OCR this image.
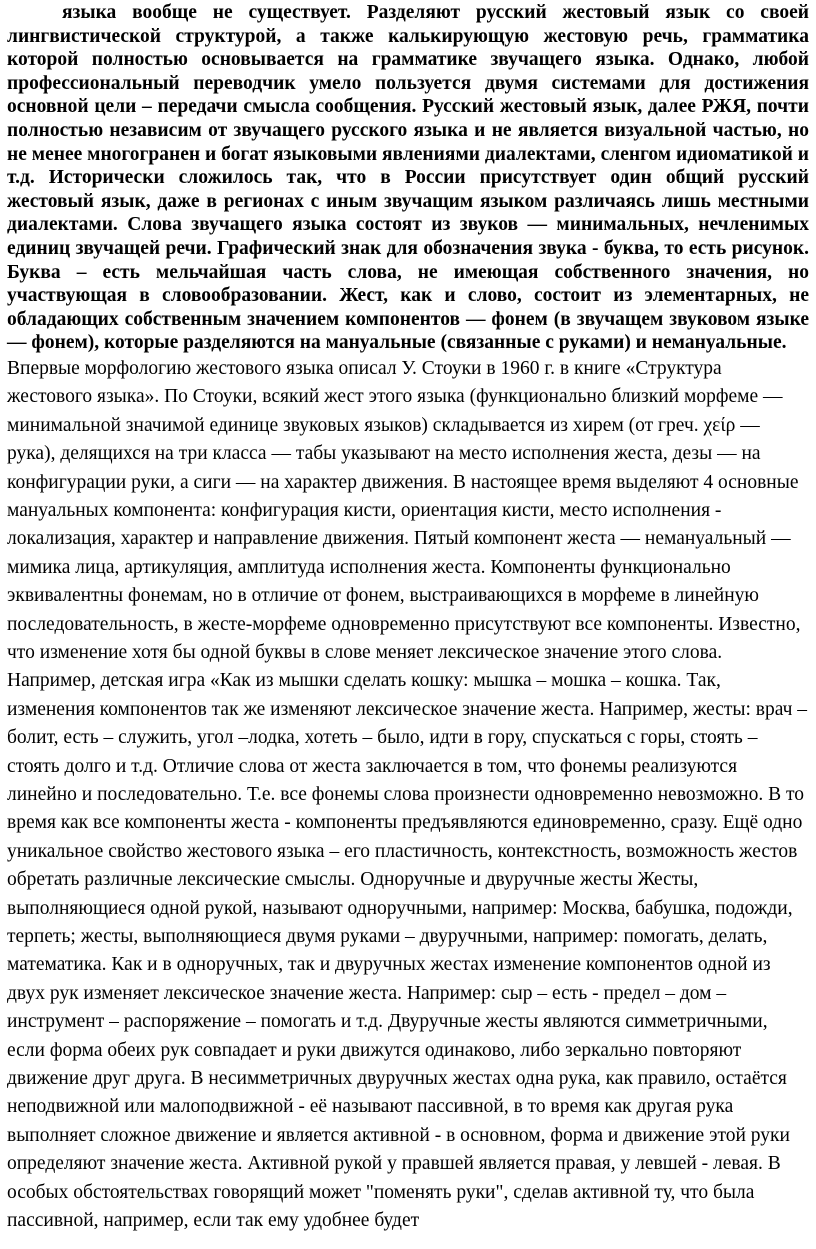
языка вообще не существует. Разделяют русский жестовый язык со своей лингвистической структурой, а также калькирующую жестовую речь, грамматика которой полностью основывается на грамматике звучащего языка. Однако, любой профессиональный переводчик умело пользуется двумя системами для достижения основной цели – передачи смысла сообщения. Русский жестовый язык, далее РЖЯ, почти полностью независим от звучащего русского языка и не является визуальной частью, но не менее многогранен и богат языковыми явлениями диалектами, сленгом идиоматикой и т.д. Исторически сложилось так, что в России присутствует один общий русский жестовый язык, даже в регионах с иным звучащим языком различаясь лишь местными диалектами. Слова звучащего языка состоят из звуков — минимальных, нечленимых единиц звучащей речи. Графический знак для обозначения звука - буква, то есть рисунок. Буква – есть мельчайшая часть слова, не имеющая собственного значения, но участвующая в словообразовании. Жест, как и слово, состоит из элементарных, не обладающих собственным значением компонентов — фонем (в звучащем звуковом языке — фонем), которые разделяются на мануальные (связанные с руками) и немануальные.

Впервые морфологию жестового языка описал У. Стоуки в 1960 г. в книге «Структура жестового языка». По Стоуки, всякий жест этого языка (функционально близкий морфеме — минимальной значимой единице звуковых языков) складывается из хирем (от греч. χείρ — рука), делящихся на три класса — табы указывают на место исполнения жеста, дезы — на конфигурации руки, а сиги — на характер движения. В настоящее время выделяют 4 основные мануальных компонента: конфигурация кисти, ориентация кисти, место исполнения - локализация, характер и направление движения. Пятый компонент жеста — немануальный — мимика лица, артикуляция, амплитуда исполнения жеста. Компоненты функционально эквивалентны фонемам, но в отличие от фонем, выстраивающихся в морфеме в линейную последовательность, в жесте-морфеме одновременно присутствуют все компоненты. Известно, что изменение хотя бы одной буквы в слове меняет лексическое значение этого слова. Например, детская игра «Как из мышки сделать кошку: мышка – мошка – кошка. Так, изменения компонентов так же изменяют лексическое значение жеста. Например, жесты: врач – болит, есть – служить, угол –лодка, хотеть – было, идти в гору, спускаться с горы, стоять – стоять долго и т.д. Отличие слова от жеста заключается в том, что фонемы реализуются линейно и последовательно. Т.е. все фонемы слова произнести одновременно невозможно. В то время как все компоненты жеста - компоненты предъявляются единовременно, сразу. Ещё одно уникальное свойство жестового языка – его пластичность, контекстность, возможность жестов обретать различные лексические смыслы. Одноручные и двуручные жесты Жесты, выполняющиеся одной рукой, называют одноручными, например: Москва, бабушка, подожди, терпеть; жесты, выполняющиеся двумя руками – двуручными, например: помогать, делать, математика. Как и в одноручных, так и двуручных жестах изменение компонентов одной из двух рук изменяет лексическое значение жеста. Например: сыр – есть - предел – дом – инструмент – распоряжение – помогать и т.д. Двуручные жесты являются симметричными, если форма обеих рук совпадает и руки движутся одинаково, либо зеркально повторяют движение друг друга. В несимметричных двуручных жестах одна рука, как правило, остаётся неподвижной или малоподвижной - её называют пассивной, в то время как другая рука выполняет сложное движение и является активной - в основном, форма и движение этой руки определяют значение жеста. Активной рукой у правшей является правая, у левшей - левая. В особых обстоятельствах говорящий может "поменять руки", сделав активной ту, что была пассивной, например, если так ему удобнее будет
